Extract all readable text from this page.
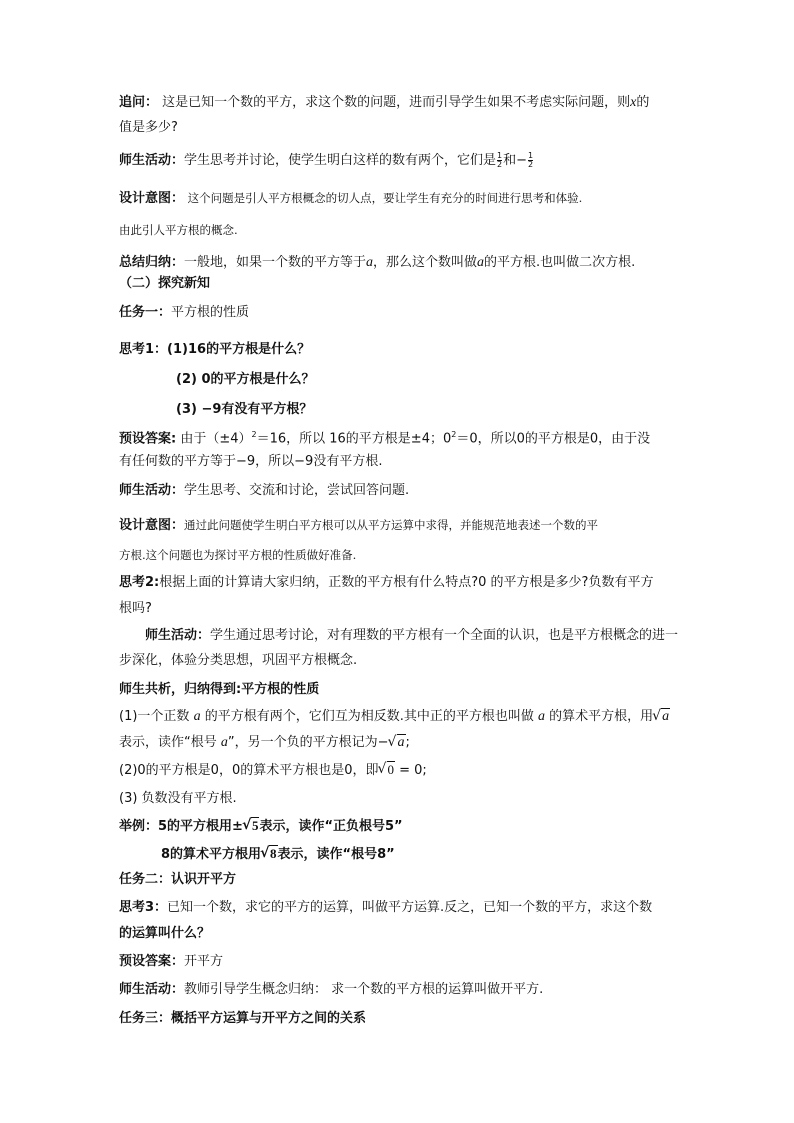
追问： 这是已知一个数的平方，求这个数的问题，进而引导学生如果不考虑实际问题，则x的
值是多少?
师生活动：学生思考并讨论，使学生明白这样的数有两个，它们是 $\frac{1}{2}$ 和− $\frac{1}{2}$
设计意图： 这个问题是引人平方根概念的切人点，要让学生有充分的时间进行思考和体验.
由此引人平方根的概念.
总结归纳：一般地，如果一个数的平方等于a，那么这个数叫做a的平方根.也叫做二次方根.
（二）探究新知
任务一：平方根的性质
思考1：(1)16的平方根是什么？
(2) 0的平方根是什么？
(3) −9有没有平方根？
预设答案: 由于$(\pm 4)^2=16$，所以 16的平方根是±4；$0^2=0$，所以0的平方根是0，由于没
有任何数的平方等于−9，所以−9没有平方根.
师生活动：学生思考、交流和讨论，尝试回答问题.
设计意图：通过此问题使学生明白平方根可以从平方运算中求得，并能规范地表述一个数的平
方根.这个问题也为探讨平方根的性质做好准备.
思考2:根据上面的计算请大家归纳，正数的平方根有什么特点?0 的平方根是多少?负数有平方
根吗?
师生活动：学生通过思考讨论，对有理数的平方根有一个全面的认识，也是平方根概念的进一
步深化，体验分类思想，巩固平方根概念.
师生共析，归纳得到:平方根的性质
(1)一个正数 a 的平方根有两个，它们互为相反数.其中正的平方根也叫做 a 的算术平方根，用 √ a
表示，读作“根号 a”，另一个负的平方根记为− √ a;
(2)0的平方根是0，0的算术平方根也是0，即 √ 0 = 0;
(3) 负数没有平方根.
举例：5的平方根用± √ 5表示，读作“正负根号5”
8的算术平方根用 √ 8表示，读作“根号8”
任务二：认识开平方
思考3：已知一个数，求它的平方的运算，叫做平方运算.反之，已知一个数的平方，求这个数
的运算叫什么？
预设答案：开平方
师生活动：教师引导学生概念归纳： 求一个数的平方根的运算叫做开平方.
任务三：概括平方运算与开平方之间的关系
